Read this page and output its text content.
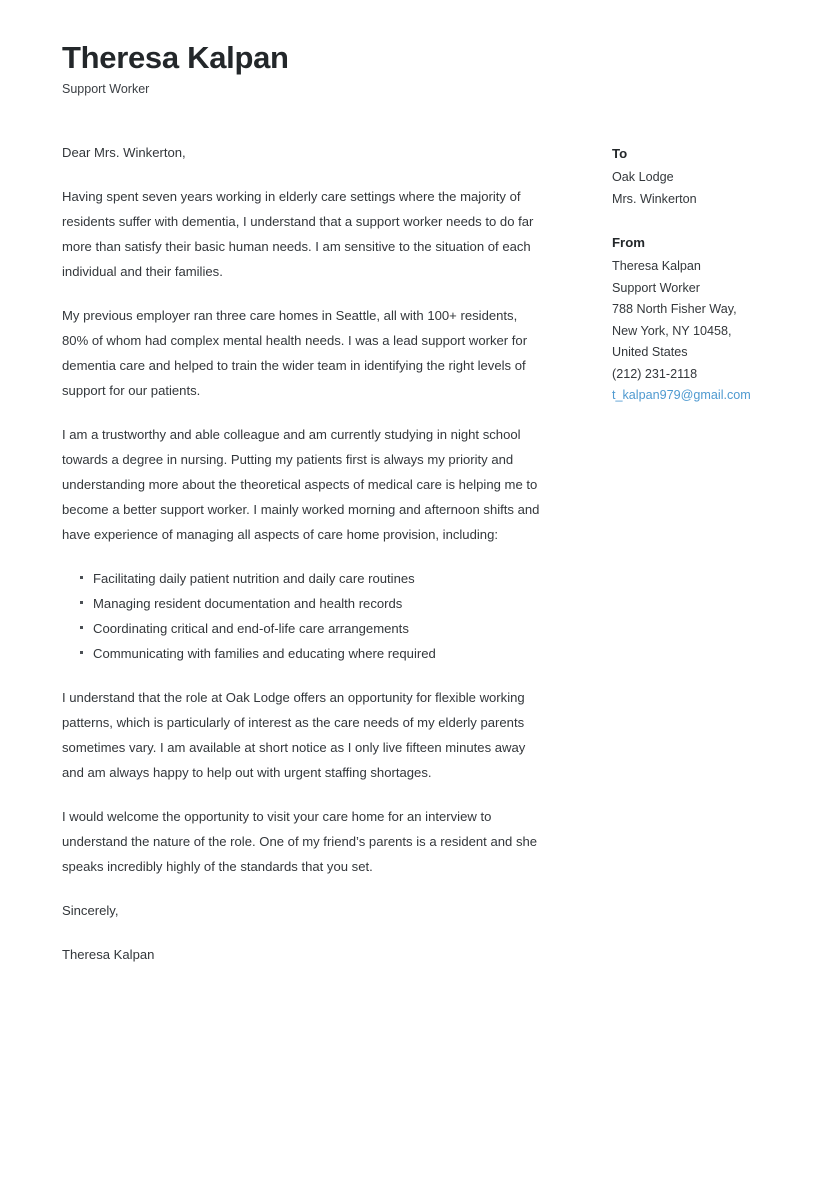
Theresa Kalpan
Support Worker

Dear Mrs. Winkerton,

Having spent seven years working in elderly care settings where the majority of residents suffer with dementia, I understand that a support worker needs to do far more than satisfy their basic human needs. I am sensitive to the situation of each individual and their families.

My previous employer ran three care homes in Seattle, all with 100+ residents, 80% of whom had complex mental health needs. I was a lead support worker for dementia care and helped to train the wider team in identifying the right levels of support for our patients.

I am a trustworthy and able colleague and am currently studying in night school towards a degree in nursing. Putting my patients first is always my priority and understanding more about the theoretical aspects of medical care is helping me to become a better support worker. I mainly worked morning and afternoon shifts and have experience of managing all aspects of care home provision, including:

Facilitating daily patient nutrition and daily care routines
Managing resident documentation and health records
Coordinating critical and end-of-life care arrangements
Communicating with families and educating where required

I understand that the role at Oak Lodge offers an opportunity for flexible working patterns, which is particularly of interest as the care needs of my elderly parents sometimes vary. I am available at short notice as I only live fifteen minutes away and am always happy to help out with urgent staffing shortages.

I would welcome the opportunity to visit your care home for an interview to understand the nature of the role. One of my friend’s parents is a resident and she speaks incredibly highly of the standards that you set.

Sincerely,

Theresa Kalpan

To
Oak Lodge
Mrs. Winkerton
From
Theresa Kalpan
Support Worker
788 North Fisher Way,
New York, NY 10458,
United States
(212) 231-2118
t_kalpan979@gmail.com
